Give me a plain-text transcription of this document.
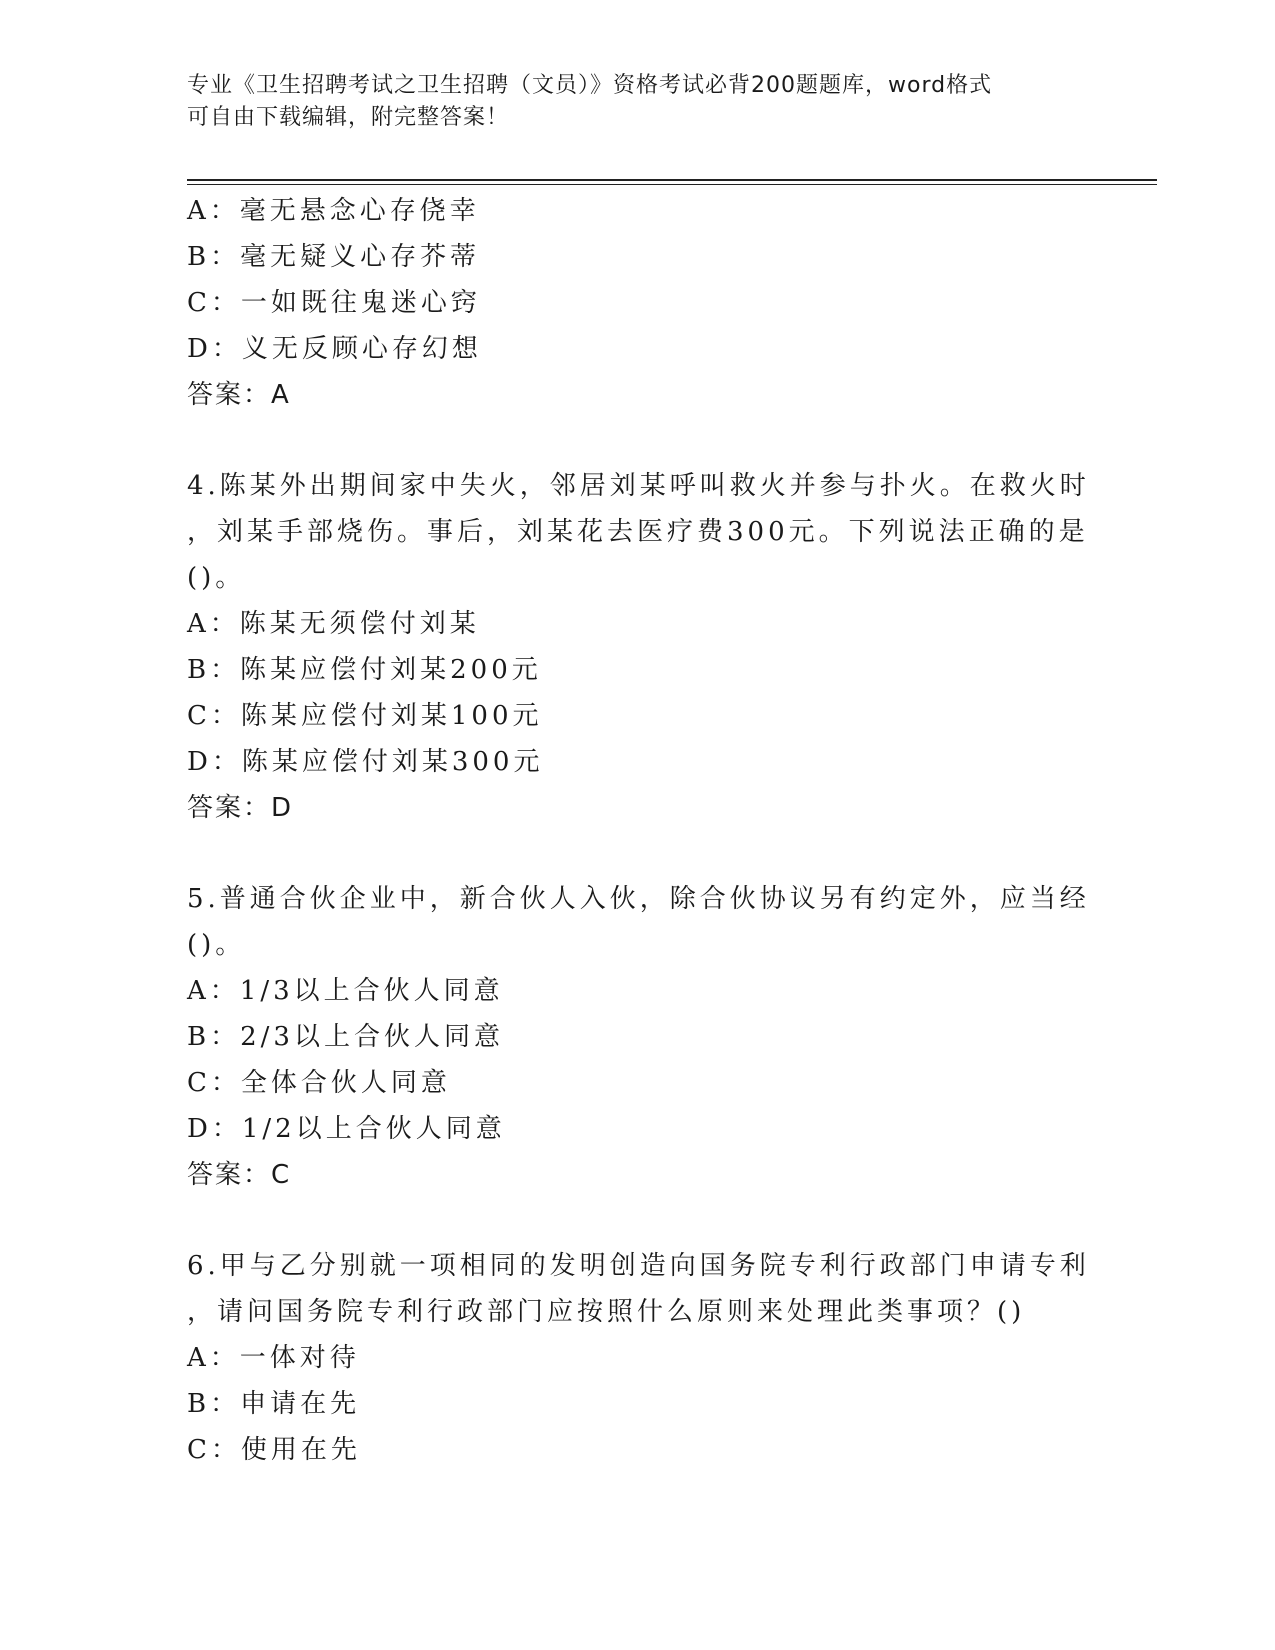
专业《卫生招聘考试之卫生招聘（文员）》资格考试必背200题题库，word格式
可自由下载编辑，附完整答案！
A：毫无悬念心存侥幸
B：毫无疑义心存芥蒂
C：一如既往鬼迷心窍
D：义无反顾心存幻想
答案：A
4.陈某外出期间家中失火，邻居刘某呼叫救火并参与扑火。在救火时
，刘某手部烧伤。事后，刘某花去医疗费300元。下列说法正确的是
()。
A：陈某无须偿付刘某
B：陈某应偿付刘某200元
C：陈某应偿付刘某100元
D：陈某应偿付刘某300元
答案：D
5.普通合伙企业中，新合伙人入伙，除合伙协议另有约定外，应当经
()。
A：1/3以上合伙人同意
B：2/3以上合伙人同意
C：全体合伙人同意
D：1/2以上合伙人同意
答案：C
6.甲与乙分别就一项相同的发明创造向国务院专利行政部门申请专利
，请问国务院专利行政部门应按照什么原则来处理此类事项？()
A：一体对待
B：申请在先
C：使用在先
